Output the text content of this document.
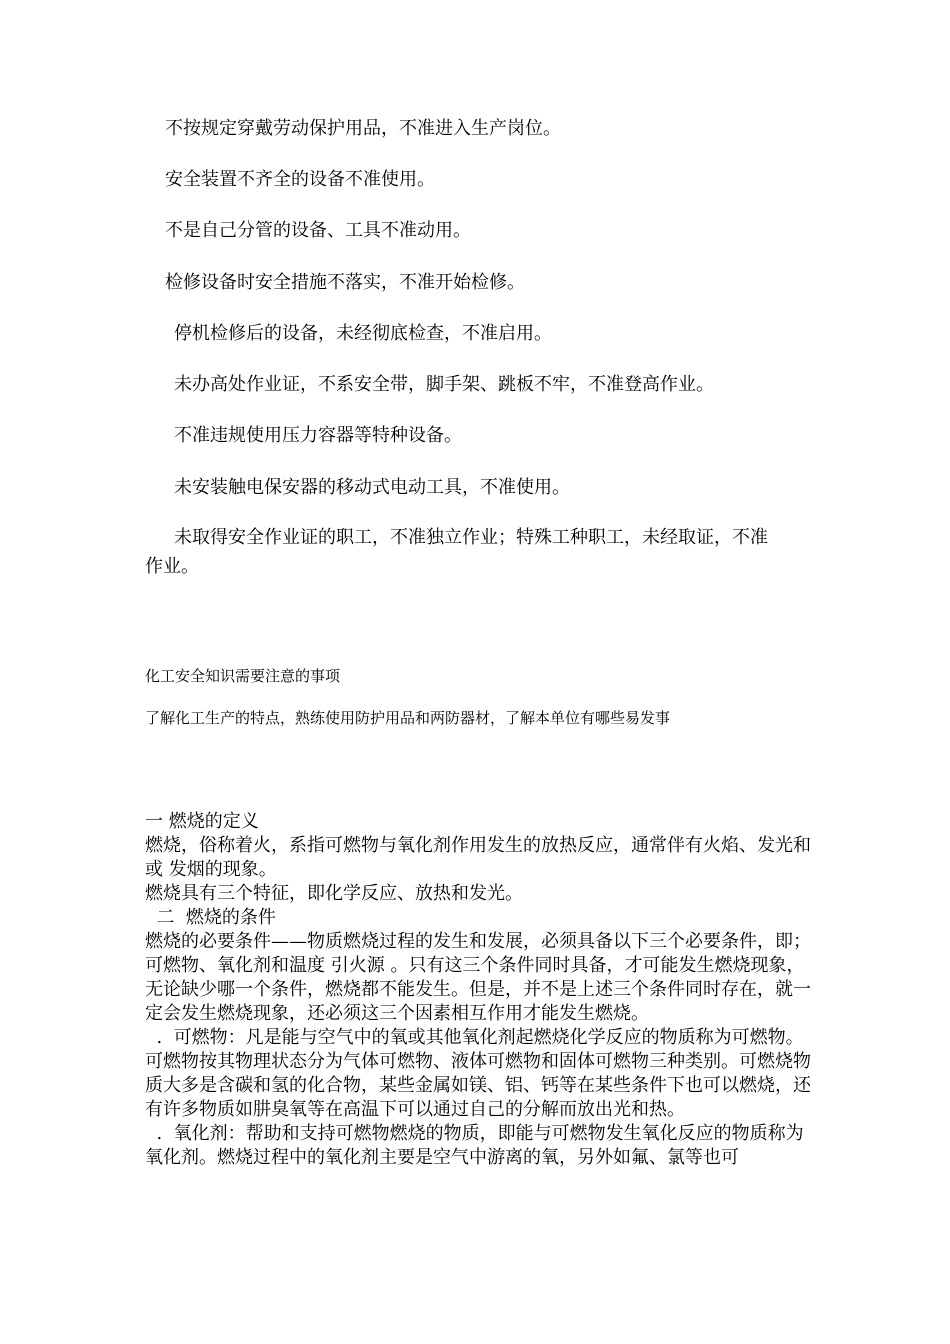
不按规定穿戴劳动保护用品，不准进入生产岗位。

安全装置不齐全的设备不准使用。

不是自己分管的设备、工具不准动用。

检修设备时安全措施不落实，不准开始检修。

停机检修后的设备，未经彻底检查，不准启用。

未办高处作业证，不系安全带，脚手架、跳板不牢，不准登高作业。

不准违规使用压力容器等特种设备。

未安装触电保安器的移动式电动工具，不准使用。

未取得安全作业证的职工，不准独立作业；特殊工种职工，未经取证，不准

作业。

化工安全知识需要注意的事项

了解化工生产的特点，熟练使用防护用品和两防器材，了解本单位有哪些易发事

一 燃烧的定义

燃烧，俗称着火，系指可燃物与氧化剂作用发生的放热反应，通常伴有火焰、发光和 或 发烟的现象。

燃烧具有三个特征，即化学反应、放热和发光。

二  燃烧的条件

燃烧的必要条件——物质燃烧过程的发生和发展，必须具备以下三个必要条件，即；可燃物、氧化剂和温度 引火源 。只有这三个条件同时具备，才可能发生燃烧现象，无论缺少哪一个条件，燃烧都不能发生。但是，并不是上述三个条件同时存在，就一定会发生燃烧现象，还必须这三个因素相互作用才能发生燃烧。

.  可燃物：凡是能与空气中的氧或其他氧化剂起燃烧化学反应的物质称为可燃物。可燃物按其物理状态分为气体可燃物、液体可燃物和固体可燃物三种类别。可燃烧物质大多是含碳和氢的化合物，某些金属如镁、铝、钙等在某些条件下也可以燃烧，还有许多物质如肼臭氧等在高温下可以通过自己的分解而放出光和热。

.  氧化剂：帮助和支持可燃物燃烧的物质，即能与可燃物发生氧化反应的物质称为氧化剂。燃烧过程中的氧化剂主要是空气中游离的氧，另外如氟、氯等也可
